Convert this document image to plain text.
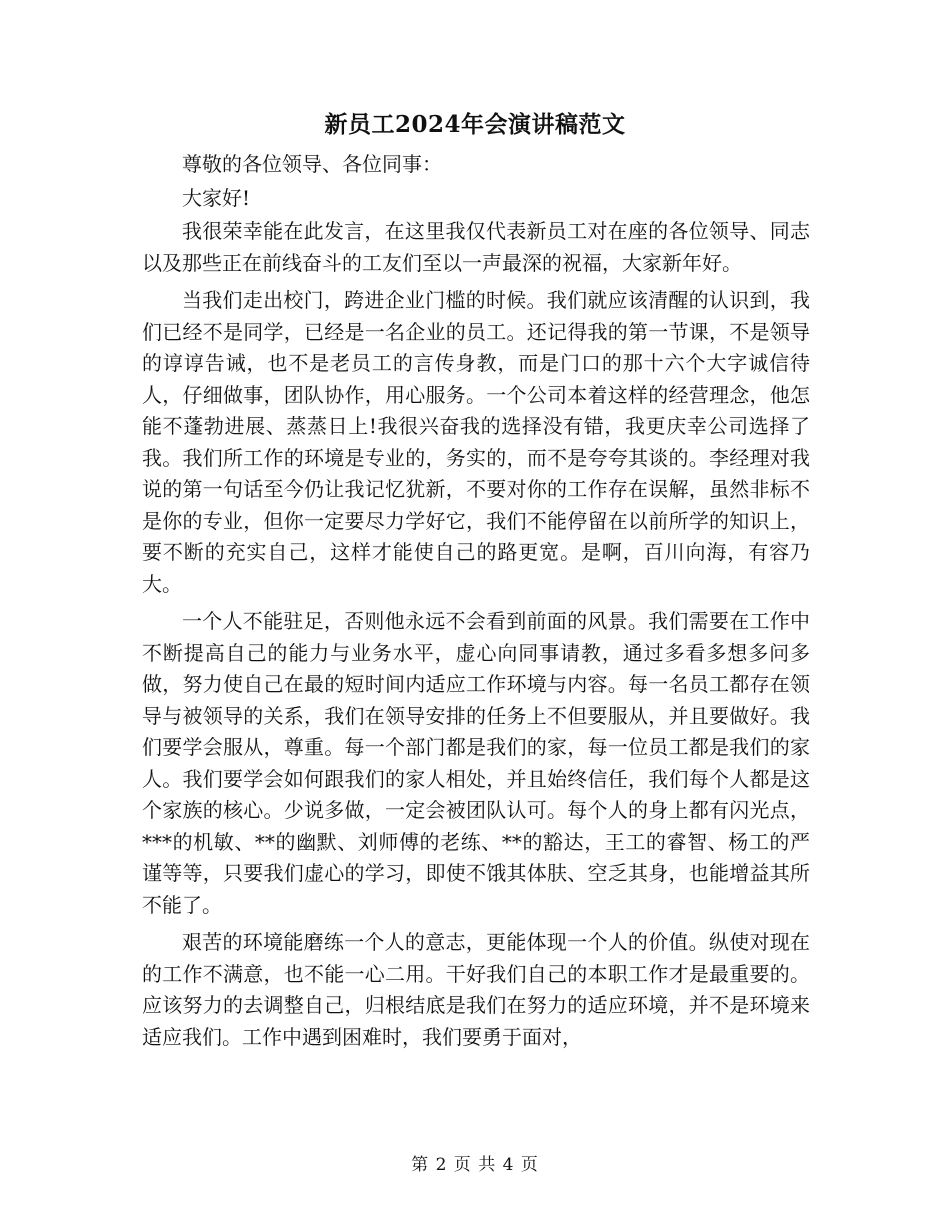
新员工2024年会演讲稿范文

尊敬的各位领导、各位同事：

大家好!

我很荣幸能在此发言，在这里我仅代表新员工对在座的各位领导、同志以及那些正在前线奋斗的工友们至以一声最深的祝福，大家新年好。

当我们走出校门，跨进企业门槛的时候。我们就应该清醒的认识到，我们已经不是同学，已经是一名企业的员工。还记得我的第一节课，不是领导的谆谆告诫，也不是老员工的言传身教，而是门口的那十六个大字诚信待人，仔细做事，团队协作，用心服务。一个公司本着这样的经营理念，他怎能不蓬勃进展、蒸蒸日上!我很兴奋我的选择没有错，我更庆幸公司选择了我。我们所工作的环境是专业的，务实的，而不是夸夸其谈的。李经理对我说的第一句话至今仍让我记忆犹新，不要对你的工作存在误解，虽然非标不是你的专业，但你一定要尽力学好它，我们不能停留在以前所学的知识上，要不断的充实自己，这样才能使自己的路更宽。是啊，百川向海，有容乃大。

一个人不能驻足，否则他永远不会看到前面的风景。我们需要在工作中不断提高自己的能力与业务水平，虚心向同事请教，通过多看多想多问多做，努力使自己在最的短时间内适应工作环境与内容。每一名员工都存在领导与被领导的关系，我们在领导安排的任务上不但要服从，并且要做好。我们要学会服从，尊重。每一个部门都是我们的家，每一位员工都是我们的家人。我们要学会如何跟我们的家人相处，并且始终信任，我们每个人都是这个家族的核心。少说多做，一定会被团队认可。每个人的身上都有闪光点，***的机敏、**的幽默、刘师傅的老练、**的豁达，王工的睿智、杨工的严谨等等，只要我们虚心的学习，即使不饿其体肤、空乏其身，也能增益其所不能了。

艰苦的环境能磨练一个人的意志，更能体现一个人的价值。纵使对现在的工作不满意，也不能一心二用。干好我们自己的本职工作才是最重要的。应该努力的去调整自己，归根结底是我们在努力的适应环境，并不是环境来适应我们。工作中遇到困难时，我们要勇于面对，

第 2 页 共 4 页
